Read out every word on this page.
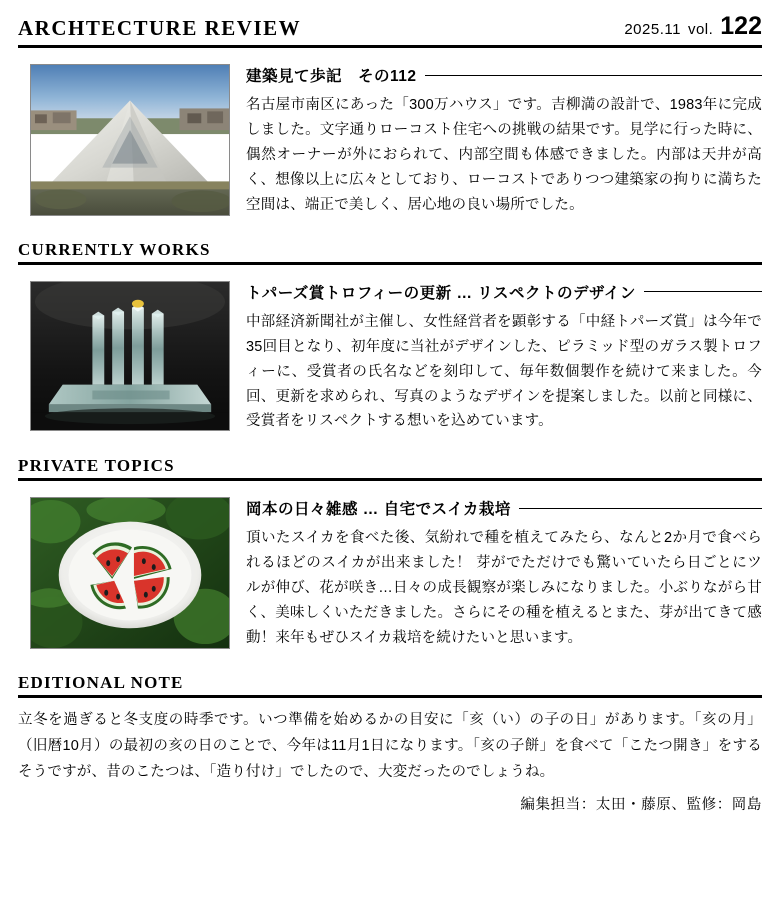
ARCHTECTURE REVIEW	2025.11 vol. 122
建築見て歩記　その112
名古屋市南区にあった「300万ハウス」です。吉柳満の設計で、1983年に完成しました。文字通りローコスト住宅への挑戦の結果です。見学に行った時に、偶然オーナーが外におられて、内部空間も体感できました。内部は天井が高く、想像以上に広々としており、ローコストでありつつ建築家の拘りに満ちた空間は、端正で美しく、居心地の良い場所でした。
CURRENTLY WORKS
トパーズ賞トロフィーの更新 … リスペクトのデザイン
中部経済新聞社が主催し、女性経営者を顕彰する「中経トパーズ賞」は今年で35回目となり、初年度に当社がデザインした、ピラミッド型のガラス製トロフィーに、受賞者の氏名などを刻印して、毎年数個製作を続けて来ました。今回、更新を求められ、写真のようなデザインを提案しました。以前と同様に、受賞者をリスペクトする想いを込めています。
PRIVATE TOPICS
岡本の日々雑感 … 自宅でスイカ栽培
頂いたスイカを食べた後、気紛れで種を植えてみたら、なんと2か月で食べられるほどのスイカが出来ました！ 芽がでただけでも驚いていたら日ごとにツルが伸び、花が咲き…日々の成長観察が楽しみになりました。小ぶりながら甘く、美味しくいただきました。さらにその種を植えるとまた、芽が出てきて感動！来年もぜひスイカ栽培を続けたいと思います。
EDITIONAL NOTE
立冬を過ぎると冬支度の時季です。いつ準備を始めるかの目安に「亥（い）の子の日」があります。「亥の月」（旧暦10月）の最初の亥の日のことで、今年は11月1日になります。「亥の子餅」を食べて「こたつ開き」をするそうですが、昔のこたつは、「造り付け」でしたので、大変だったのでしょうね。
編集担当：太田・藤原、監修：岡島
